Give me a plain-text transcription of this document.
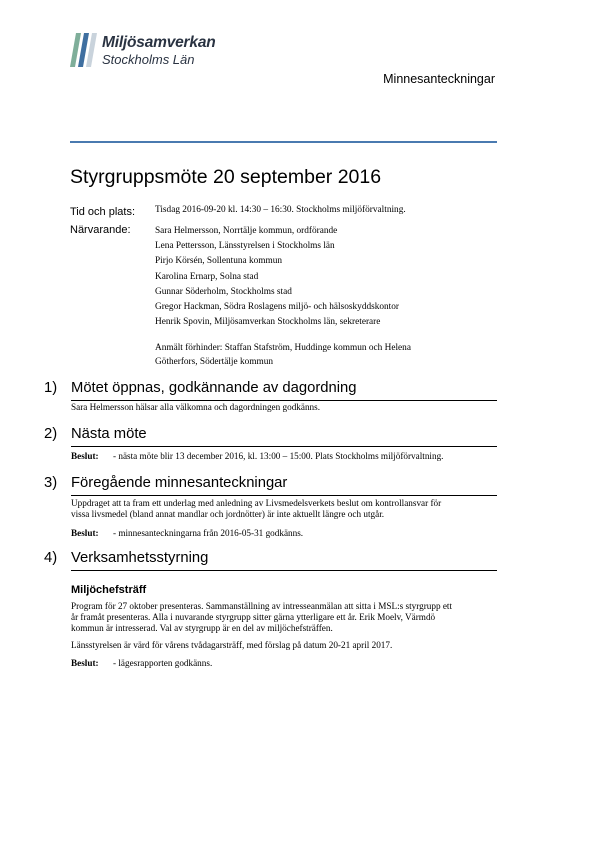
Miljösamverkan
Stockholms Län
Minnesanteckningar
Styrgruppsmöte 20 september 2016
Tid och plats: Tisdag 2016-09-20 kl. 14:30 – 16:30. Stockholms miljöförvaltning.
Närvarande:	Sara Helmersson, Norrtälje kommun, ordförande
Lena Pettersson, Länsstyrelsen i Stockholms län
Pirjo Körsén, Sollentuna kommun
Karolina Ernarp, Solna stad
Gunnar Söderholm, Stockholms stad
Gregor Hackman, Södra Roslagens miljö- och hälsoskyddskontor
Henrik Spovin, Miljösamverkan Stockholms län, sekreterare
Anmält förhinder: Staffan Stafström, Huddinge kommun och Helena
Götherfors, Södertälje kommun
1) Mötet öppnas, godkännande av dagordning
Sara Helmersson hälsar alla välkomna och dagordningen godkänns.
2) Nästa möte
Beslut: - nästa möte blir 13 december 2016, kl. 13:00 – 15:00. Plats Stockholms miljöförvaltning.
3) Föregående minnesanteckningar
Uppdraget att ta fram ett underlag med anledning av Livsmedelsverkets beslut om kontrollansvar för
vissa livsmedel (bland annat mandlar och jordnötter) är inte aktuellt längre och utgår.
Beslut: - minnesanteckningarna från 2016-05-31 godkänns.
4) Verksamhetsstyrning
Miljöchefsträff
Program för 27 oktober presenteras. Sammanställning av intresseanmälan att sitta i MSL:s styrgrupp ett
år framåt presenteras. Alla i nuvarande styrgrupp sitter gärna ytterligare ett år. Erik Moelv, Värmdö
kommun är intresserad. Val av styrgrupp är en del av miljöchefsträffen.
Länsstyrelsen är värd för vårens tvådagarsträff, med förslag på datum 20-21 april 2017.
Beslut: - lägesrapporten godkänns.
